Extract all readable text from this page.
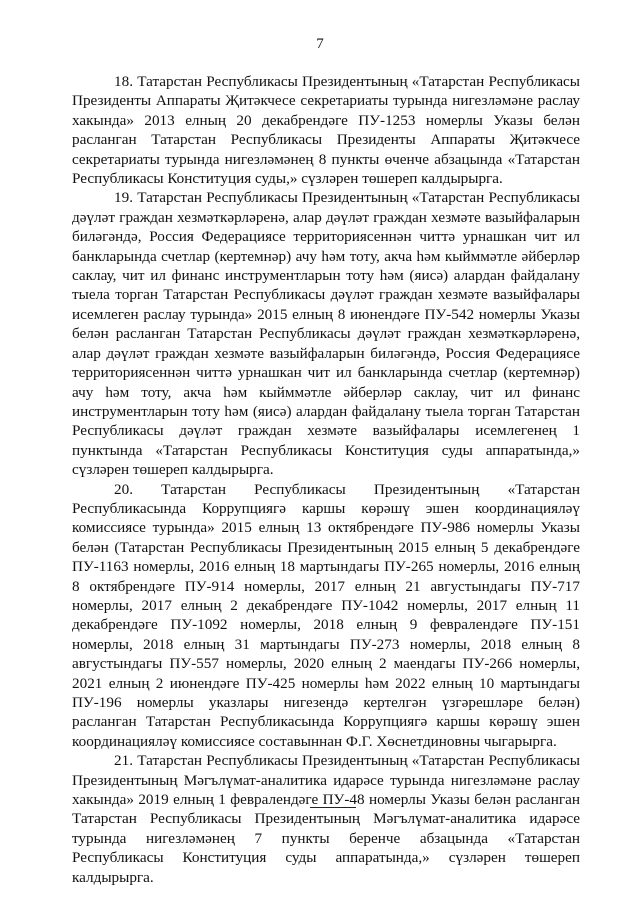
7

18. Татарстан Республикасы Президентының «Татарстан Республикасы Президенты Аппараты Җитәкчесе секретариаты турында нигезләмәне раслау хакында» 2013 елның 20 декабрендәге ПУ-1253 номерлы Указы белән расланган Татарстан Республикасы Президенты Аппараты Җитәкчесе секретариаты турында нигезләмәнең 8 пункты өченче абзацында «Татарстан Республикасы Конституция суды,» сүзләрен төшереп калдырырга.

19. Татарстан Республикасы Президентының «Татарстан Республикасы дәүләт граждан хезмәткәрләренә, алар дәүләт граждан хезмәте вазыйфаларын биләгәндә, Россия Федерациясе территориясеннән читтә урнашкан чит ил банкларында счетлар (кертемнәр) ачу һәм тоту, акча һәм кыйммәтле әйберләр саклау, чит ил финанс инструментларын тоту һәм (яисә) алардан файдалану тыела торган Татарстан Республикасы дәүләт граждан хезмәте вазыйфалары исемлеген раслау турында» 2015 елның 8 июнендәге ПУ-542 номерлы Указы белән расланган Татарстан Республикасы дәүләт граждан хезмәткәрләренә, алар дәүләт граждан хезмәте вазыйфаларын биләгәндә, Россия Федерациясе территориясеннән читтә урнашкан чит ил банкларында счетлар (кертемнәр) ачу һәм тоту, акча һәм кыйммәтле әйберләр саклау, чит ил финанс инструментларын тоту һәм (яисә) алардан файдалану тыела торган Татарстан Республикасы дәүләт граждан хезмәте вазыйфалары исемлегенең 1 пунктында «Татарстан Республикасы Конституция суды аппаратында,» сүзләрен төшереп калдырырга.

20. Татарстан Республикасы Президентының «Татарстан Республикасында Коррупциягә каршы көрәшү эшен координацияләү комиссиясе турында» 2015 елның 13 октябрендәге ПУ-986 номерлы Указы белән (Татарстан Республикасы Президентының 2015 елның 5 декабрендәге ПУ-1163 номерлы, 2016 елның 18 мартындагы ПУ-265 номерлы, 2016 елның 8 октябрендәге ПУ-914 номерлы, 2017 елның 21 августындагы ПУ-717 номерлы, 2017 елның 2 декабрендәге ПУ-1042 номерлы, 2017 елның 11 декабрендәге ПУ-1092 номерлы, 2018 елның 9 февралендәге ПУ-151 номерлы, 2018 елның 31 мартындагы ПУ-273 номерлы, 2018 елның 8 августындагы ПУ-557 номерлы, 2020 елның 2 маендагы ПУ-266 номерлы, 2021 елның 2 июнендәге ПУ-425 номерлы һәм 2022 елның 10 мартындагы ПУ-196 номерлы указлары нигезендә кертелгән үзгәрешләре белән) расланган Татарстан Республикасында Коррупциягә каршы көрәшү эшен координацияләү комиссиясе составыннан Ф.Г. Хөснетдиновны чыгарырга.

21. Татарстан Республикасы Президентының «Татарстан Республикасы Президентының Мәгълүмат-аналитика идарәсе турында нигезләмәне раслау хакында» 2019 елның 1 февралендәге ПУ-48 номерлы Указы белән расланган Татарстан Республикасы Президентының Мәгълүмат-аналитика идарәсе турында нигезләмәнең 7 пункты беренче абзацында «Татарстан Республикасы Конституция суды аппаратында,» сүзләрен төшереп калдырырга.
